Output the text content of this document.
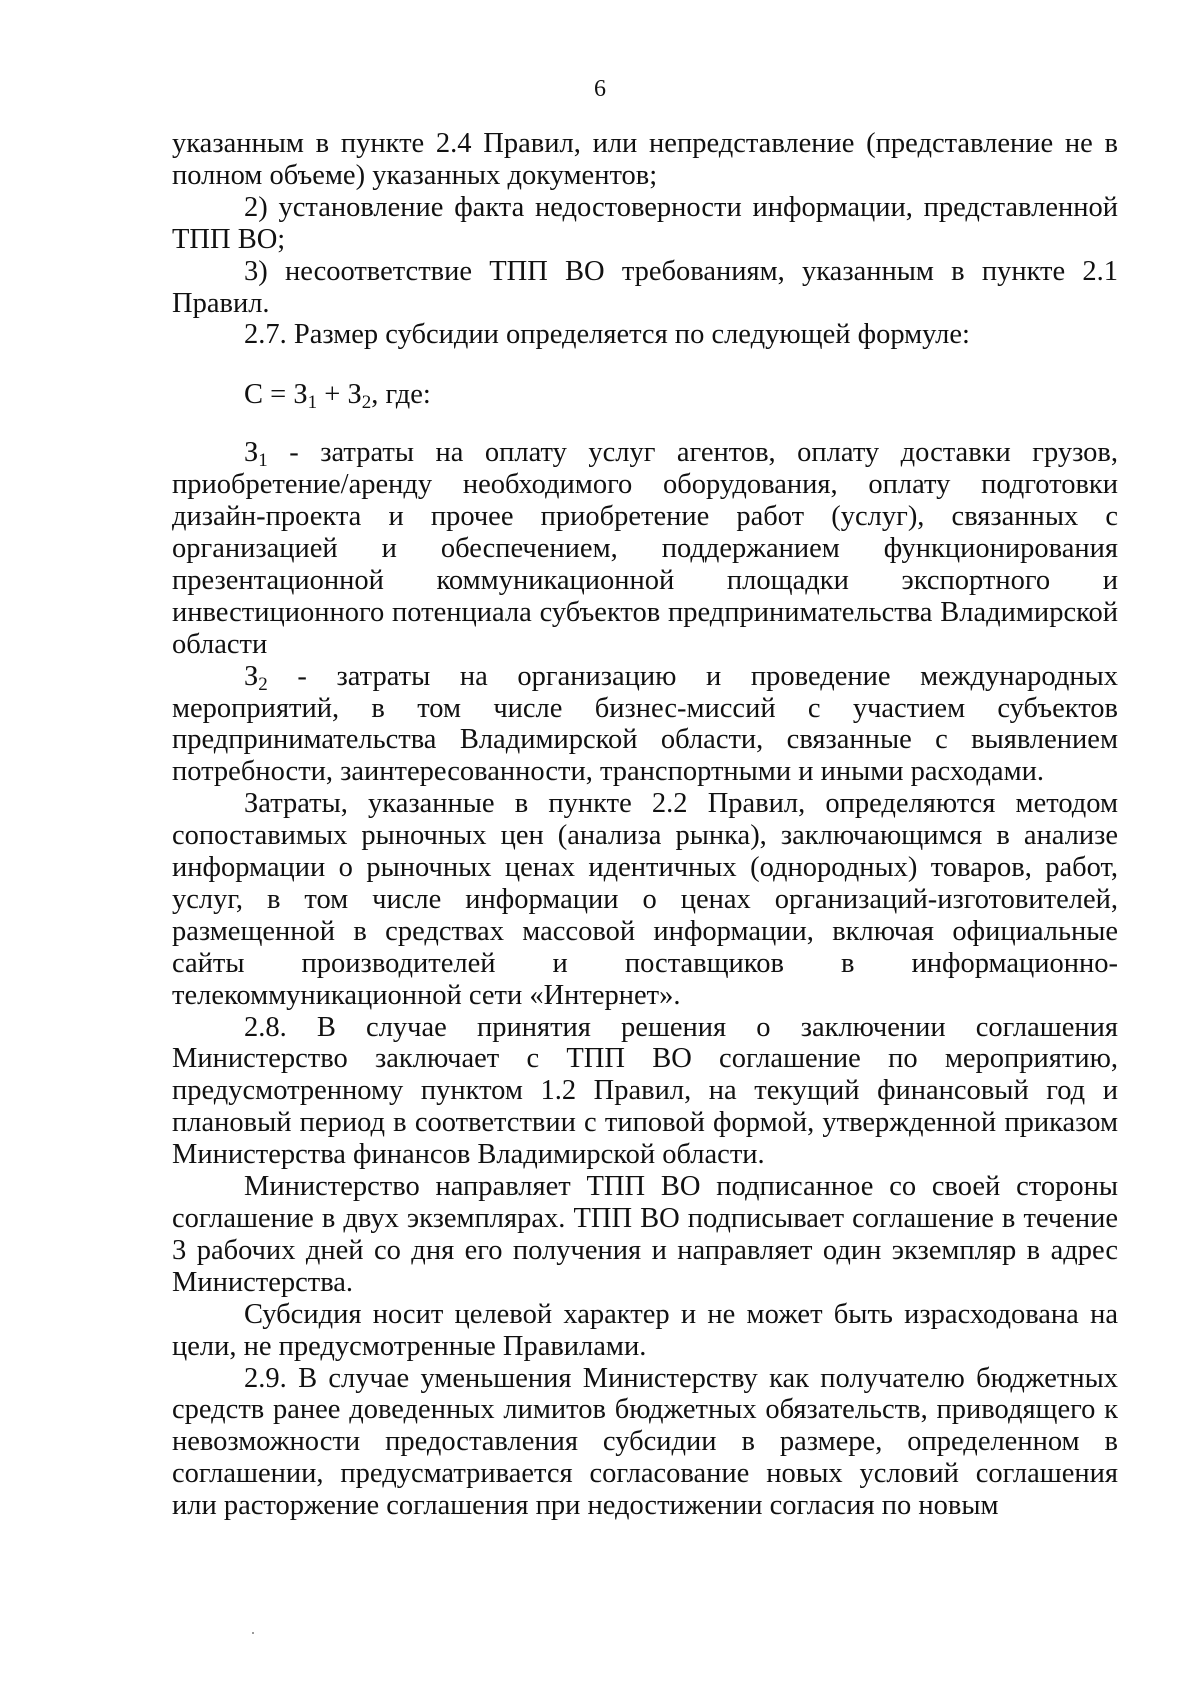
6

указанным в пункте 2.4 Правил, или непредставление (представление не в полном объеме) указанных документов;

2) установление факта недостоверности информации, представленной ТПП ВО;

3) несоответствие ТПП ВО требованиям, указанным в пункте 2.1 Правил.

2.7. Размер субсидии определяется по следующей формуле:

$С = З_1 + З_2$, где:

$З_1$ - затраты на оплату услуг агентов, оплату доставки грузов, приобретение/аренду необходимого оборудования, оплату подготовки дизайн-проекта и прочее приобретение работ (услуг), связанных с организацией и обеспечением, поддержанием функционирования презентационной коммуникационной площадки экспортного и инвестиционного потенциала субъектов предпринимательства Владимирской области

$З_2$ - затраты на организацию и проведение международных мероприятий, в том числе бизнес-миссий с участием субъектов предпринимательства Владимирской области, связанные с выявлением потребности, заинтересованности, транспортными и иными расходами.

Затраты, указанные в пункте 2.2 Правил, определяются методом сопоставимых рыночных цен (анализа рынка), заключающимся в анализе информации о рыночных ценах идентичных (однородных) товаров, работ, услуг, в том числе информации о ценах организаций-изготовителей, размещенной в средствах массовой информации, включая официальные сайты производителей и поставщиков в информационно-телекоммуникационной сети «Интернет».

2.8. В случае принятия решения о заключении соглашения Министерство заключает с ТПП ВО соглашение по мероприятию, предусмотренному пунктом 1.2 Правил, на текущий финансовый год и плановый период в соответствии с типовой формой, утвержденной приказом Министерства финансов Владимирской области.

Министерство направляет ТПП ВО подписанное со своей стороны соглашение в двух экземплярах. ТПП ВО подписывает соглашение в течение 3 рабочих дней со дня его получения и направляет один экземпляр в адрес Министерства.

Субсидия носит целевой характер и не может быть израсходована на цели, не предусмотренные Правилами.

2.9. В случае уменьшения Министерству как получателю бюджетных средств ранее доведенных лимитов бюджетных обязательств, приводящего к невозможности предоставления субсидии в размере, определенном в соглашении, предусматривается согласование новых условий соглашения или расторжение соглашения при недостижении согласия по новым
